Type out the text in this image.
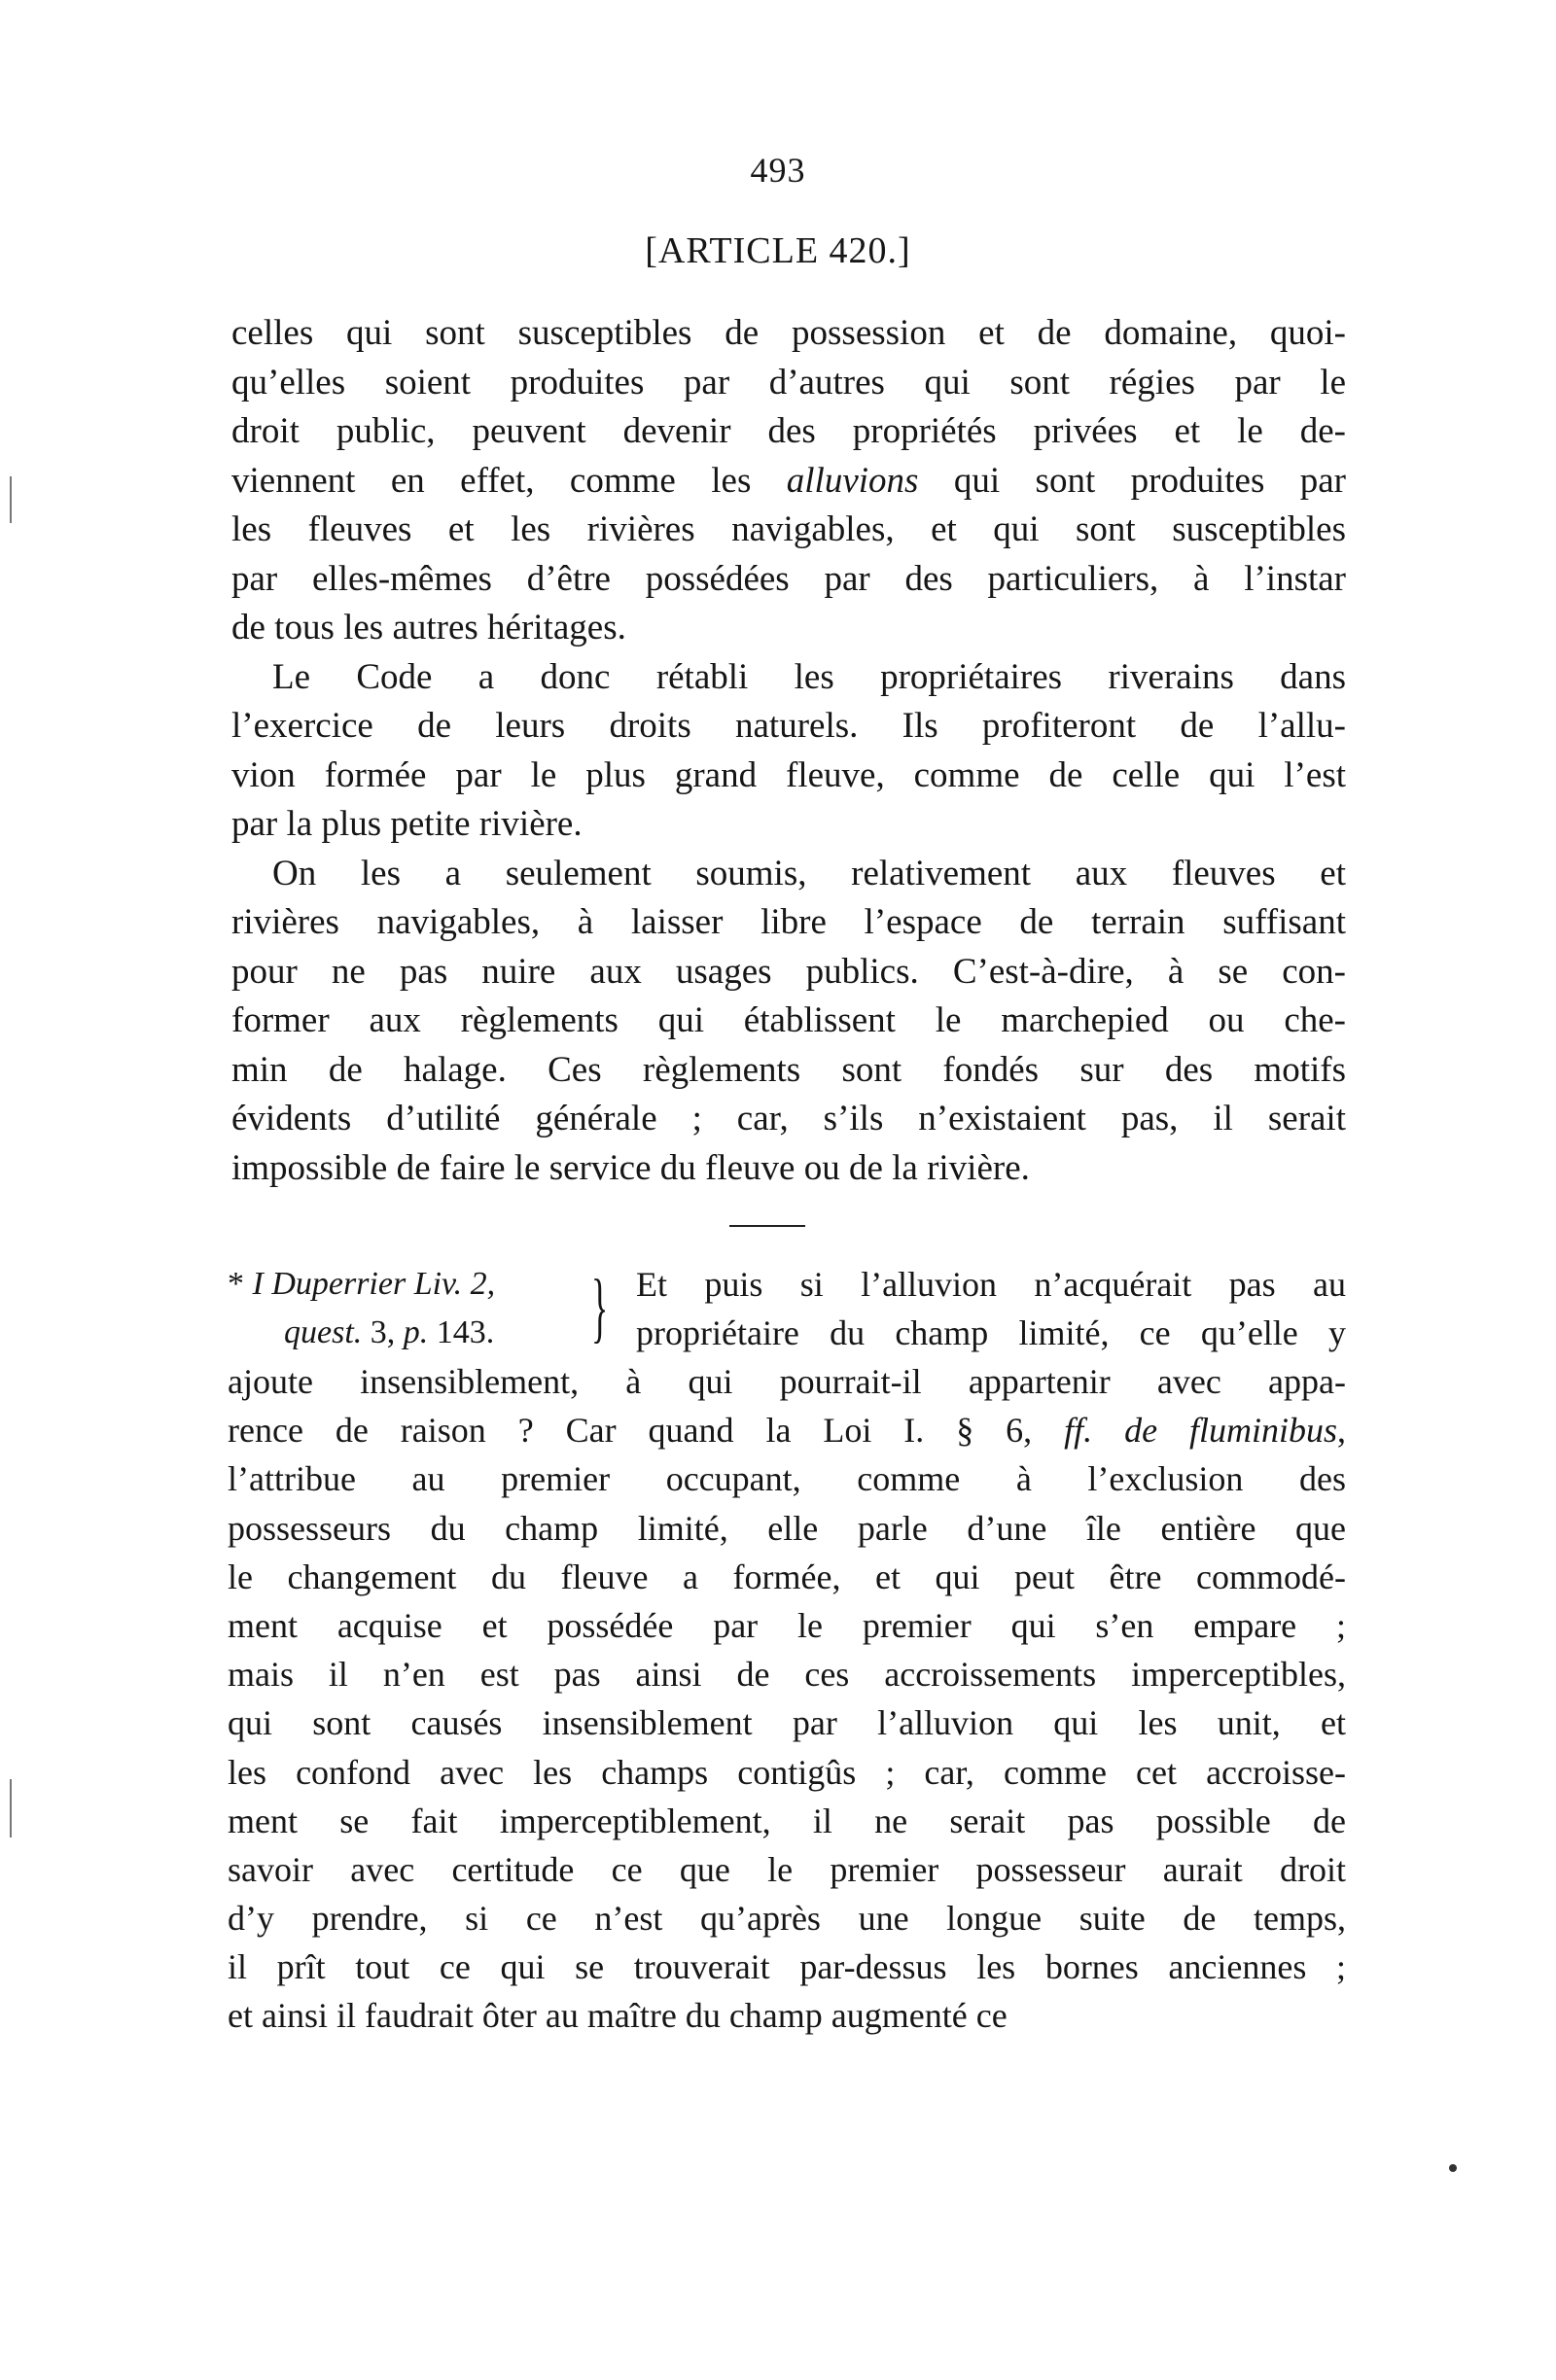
493
[ARTICLE 420.]
celles qui sont susceptibles de possession et de domaine, quoi-
qu’elles soient produites par d’autres qui sont régies par le
droit public, peuvent devenir des propriétés privées et le de-
viennent en effet, comme les alluvions qui sont produites par
les fleuves et les rivières navigables, et qui sont susceptibles
par elles-mêmes d’être possédées par des particuliers, à l’instar
de tous les autres héritages.
Le Code a donc rétabli les propriétaires riverains dans
l’exercice de leurs droits naturels. Ils profiteront de l’allu-
vion formée par le plus grand fleuve, comme de celle qui l’est
par la plus petite rivière.
On les a seulement soumis, relativement aux fleuves et
rivières navigables, à laisser libre l’espace de terrain suffisant
pour ne pas nuire aux usages publics. C’est-à-dire, à se con-
former aux règlements qui établissent le marchepied ou che-
min de halage. Ces règlements sont fondés sur des motifs
évidents d’utilité générale ; car, s’ils n’existaient pas, il serait
impossible de faire le service du fleuve ou de la rivière.
* I Duperrier Liv. 2,
quest. 3, p. 143.	} Et puis si l’alluvion n’acquérait pas au
propriétaire du champ limité, ce qu’elle y
ajoute insensiblement, à qui pourrait-il appartenir avec appa-
rence de raison ? Car quand la Loi I. § 6, ff. de fluminibus,
l’attribue au premier occupant, comme à l’exclusion des
possesseurs du champ limité, elle parle d’une île entière que
le changement du fleuve a formée, et qui peut être commodé-
ment acquise et possédée par le premier qui s’en empare ;
mais il n’en est pas ainsi de ces accroissements imperceptibles,
qui sont causés insensiblement par l’alluvion qui les unit, et
les confond avec les champs contigûs ; car, comme cet accroisse-
ment se fait imperceptiblement, il ne serait pas possible de
savoir avec certitude ce que le premier possesseur aurait droit
d’y prendre, si ce n’est qu’après une longue suite de temps,
il prît tout ce qui se trouverait par-dessus les bornes anciennes ;
et ainsi il faudrait ôter au maître du champ augmenté ce
